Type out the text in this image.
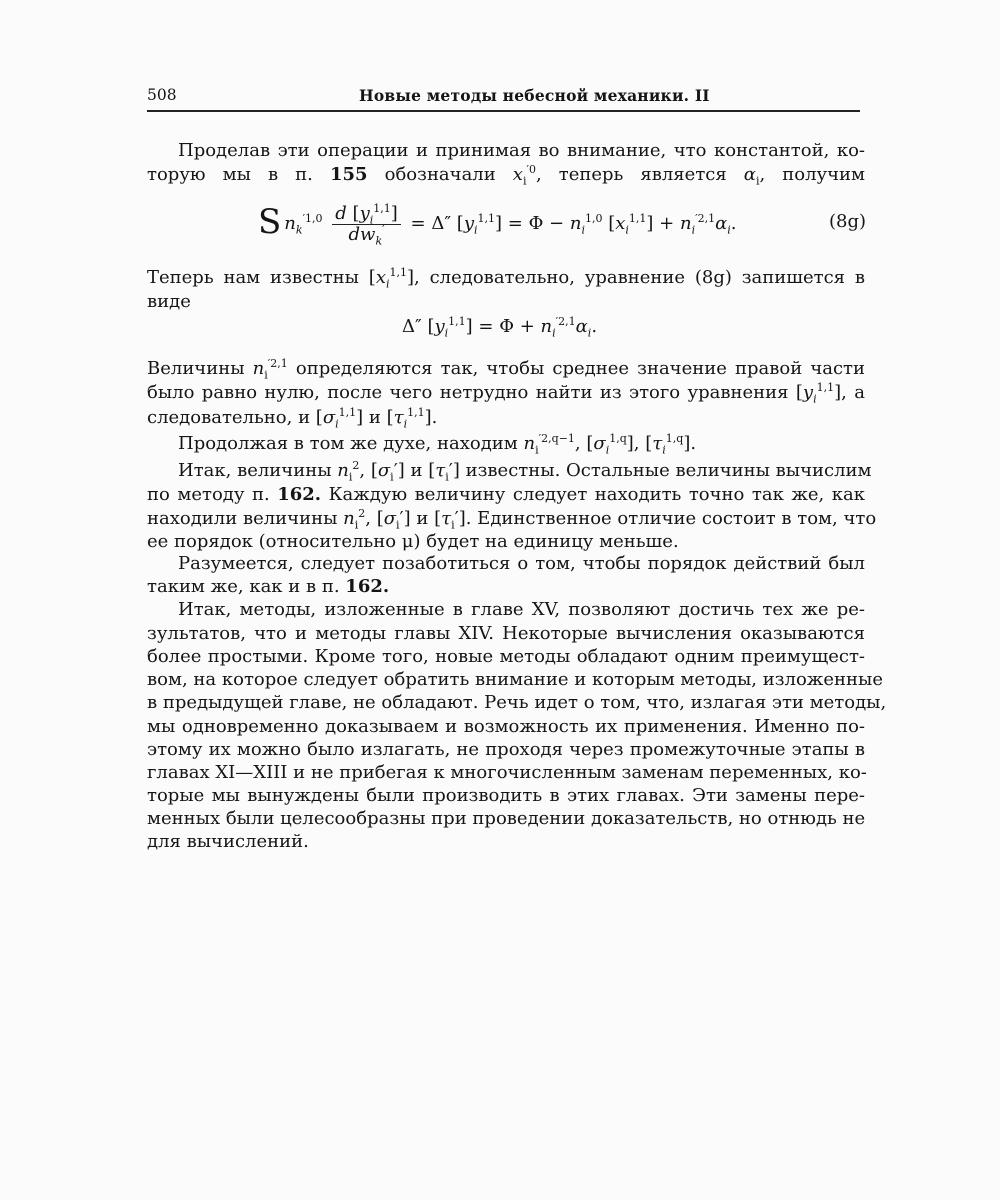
508	Новые методы небесной механики. II
Проделав эти операции и принимая во внимание, что константой, ко-
торую мы в п. 155 обозначали $x_i^{'0}$, теперь является $\alpha_i$, получим
$Sn_k^{'1,0} \frac{d [y_i^{1,1}]}{dw_k'} = \Delta''$ $[y_i^{1,1}] = \Phi - n_i^{1,0}$ $[x_i^{1,1}] + n_i^{'2,1}\alpha_i$.	(8g)
Теперь нам известны $[x_i^{1,1}]$, следовательно, уравнение (8g) запишется в
виде
Δ″ $[y_i^{1,1}] = \Phi + n_i^{'2,1}\alpha_i$.
Величины $n_i^{'2,1}$ определяются так, чтобы среднее значение правой части
было равно нулю, после чего нетрудно найти из этого уравнения $[y_i^{1,1}]$, а
следовательно, и $[\sigma_i^{1,1}]$ и $[\tau_i^{1,1}]$.
Продолжая в том же духе, находим $n_i^{'2,q-1}$, $[\sigma_i^{1,q}]$, $[\tau_i^{1,q}]$.
Итак, величины $n_i^2$, $[\sigma_i']$ и $[\tau_i']$ известны. Остальные величины вычислим
по методу п. 162. Каждую величину следует находить точно так же, как
находили величины $n_i^2$, $[\sigma_i']$ и $[\tau_i']$. Единственное отличие состоит в том, что
ее порядок (относительно μ) будет на единицу меньше.
Разумеется, следует позаботиться о том, чтобы порядок действий был
таким же, как и в п. 162.
Итак, методы, изложенные в главе XV, позволяют достичь тех же ре-
зультатов, что и методы главы XIV. Некоторые вычисления оказываются
более простыми. Кроме того, новые методы обладают одним преимущест-
вом, на которое следует обратить внимание и которым методы, изложенные
в предыдущей главе, не обладают. Речь идет о том, что, излагая эти методы,
мы одновременно доказываем и возможность их применения. Именно по-
этому их можно было излагать, не проходя через промежуточные этапы в
главах XI—XIII и не прибегая к многочисленным заменам переменных, ко-
торые мы вынуждены были производить в этих главах. Эти замены пере-
менных были целесообразны при проведении доказательств, но отнюдь не
для вычислений.
